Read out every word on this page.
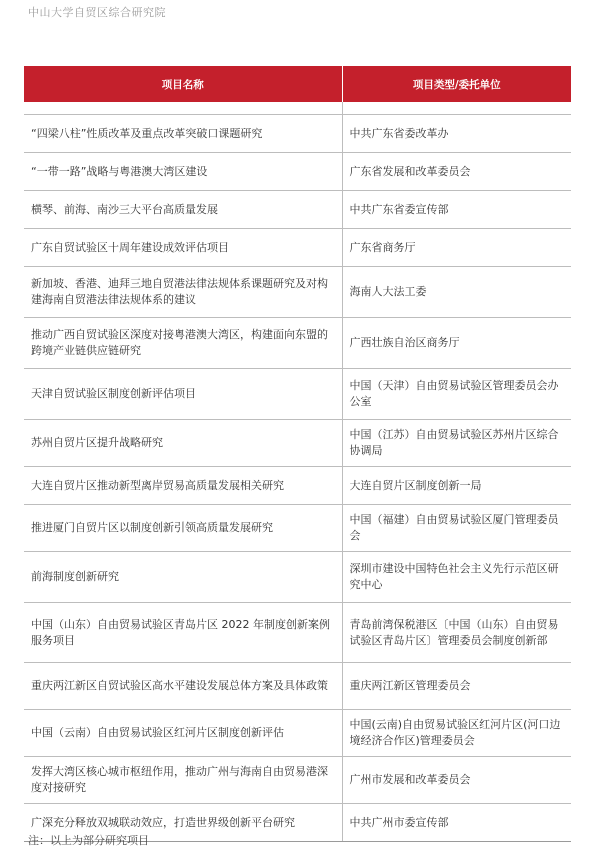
中山大学自贸区综合研究院
项目名称	项目类型/委托单位

“四梁八柱”性质改革及重点改革突破口课题研究	中共广东省委改革办
“一带一路”战略与粤港澳大湾区建设	广东省发展和改革委员会
横琴、前海、南沙三大平台高质量发展	中共广东省委宣传部
广东自贸试验区十周年建设成效评估项目	广东省商务厅
新加坡、香港、迪拜三地自贸港法律法规体系课题研究及对构建海南自贸港法律法规体系的建议	海南人大法工委
推动广西自贸试验区深度对接粤港澳大湾区，构建面向东盟的跨境产业链供应链研究	广西壮族自治区商务厅
天津自贸试验区制度创新评估项目	中国（天津）自由贸易试验区管理委员会办公室
苏州自贸片区提升战略研究	中国（江苏）自由贸易试验区苏州片区综合协调局
大连自贸片区推动新型离岸贸易高质量发展相关研究	大连自贸片区制度创新一局
推进厦门自贸片区以制度创新引领高质量发展研究	中国（福建）自由贸易试验区厦门管理委员会
前海制度创新研究	深圳市建设中国特色社会主义先行示范区研究中心
中国（山东）自由贸易试验区青岛片区 2022 年制度创新案例服务项目	青岛前湾保税港区〔中国（山东）自由贸易试验区青岛片区〕管理委员会制度创新部
重庆两江新区自贸试验区高水平建设发展总体方案及具体政策	重庆两江新区管理委员会
中国（云南）自由贸易试验区红河片区制度创新评估	中国(云南)自由贸易试验区红河片区(河口边境经济合作区)管理委员会
发挥大湾区核心城市枢纽作用，推动广州与海南自由贸易港深度对接研究	广州市发展和改革委员会
广深充分释放双城联动效应，打造世界级创新平台研究	中共广州市委宣传部
注：以上为部分研究项目
